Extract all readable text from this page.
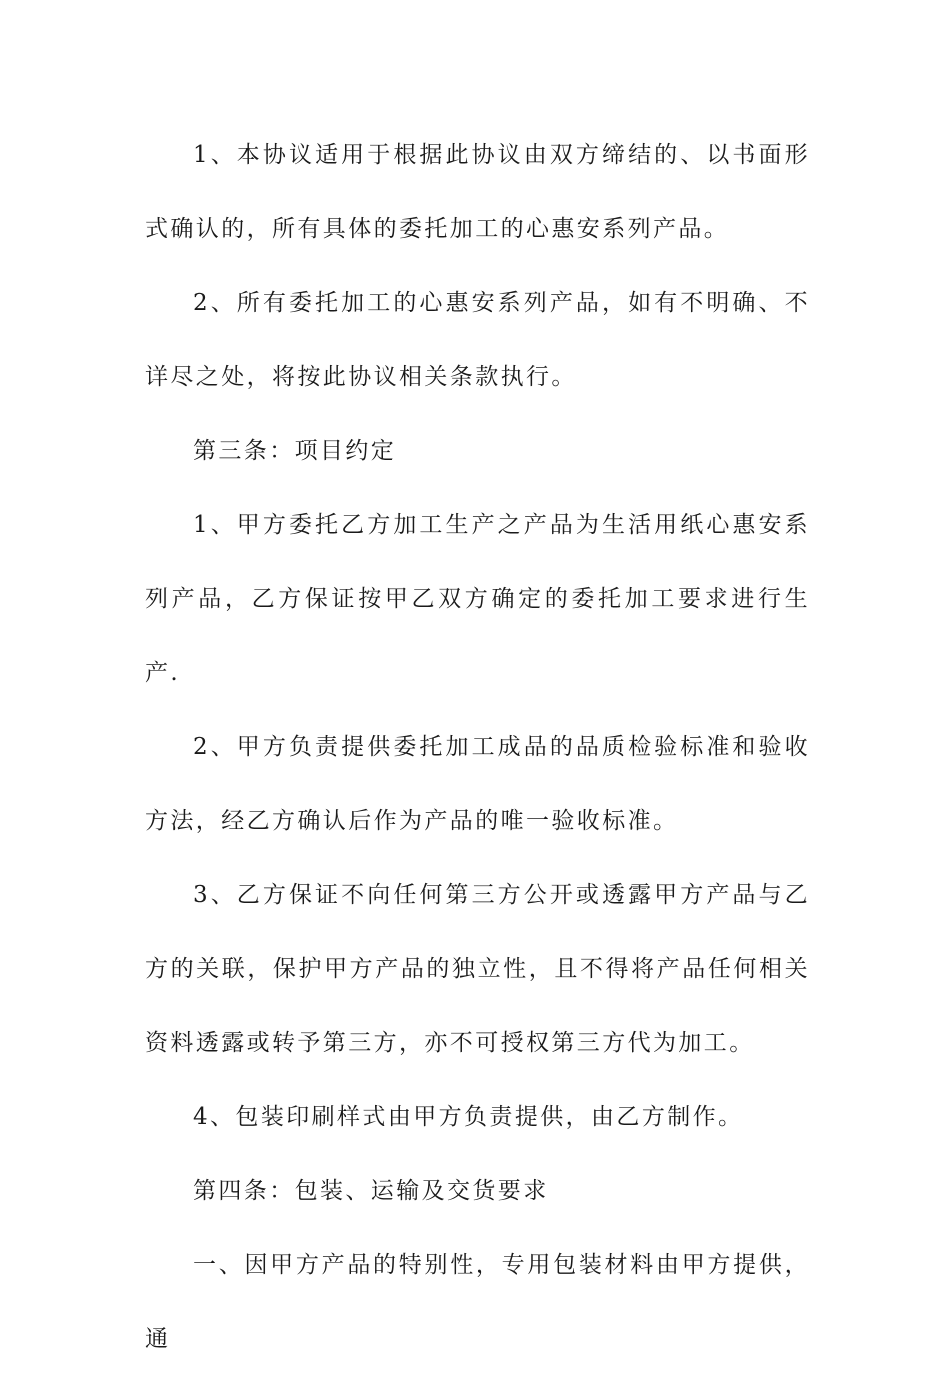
1、本协议适用于根据此协议由双方缔结的、以书面形式确认的，所有具体的委托加工的心惠安系列产品。

2、所有委托加工的心惠安系列产品，如有不明确、不详尽之处，将按此协议相关条款执行。

第三条：项目约定

1、甲方委托乙方加工生产之产品为生活用纸心惠安系列产品，乙方保证按甲乙双方确定的委托加工要求进行生产.

2、甲方负责提供委托加工成品的品质检验标准和验收方法，经乙方确认后作为产品的唯一验收标准。

3、乙方保证不向任何第三方公开或透露甲方产品与乙方的关联，保护甲方产品的独立性，且不得将产品任何相关资料透露或转予第三方，亦不可授权第三方代为加工。

4、包装印刷样式由甲方负责提供，由乙方制作。

第四条：包装、运输及交货要求

一、因甲方产品的特别性，专用包装材料由甲方提供，通
